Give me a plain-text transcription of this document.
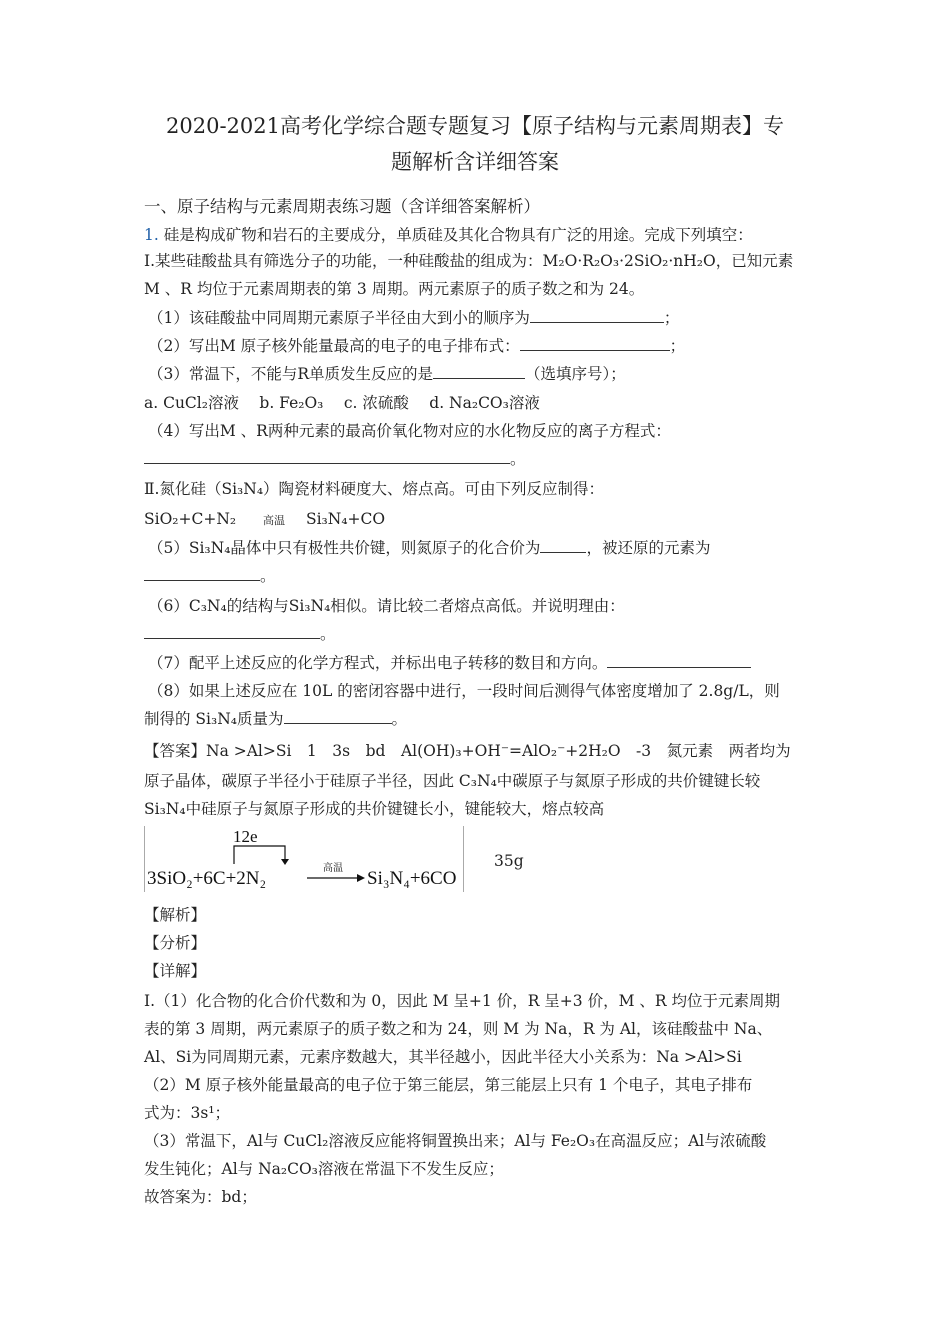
2020-2021高考化学综合题专题复习【原子结构与元素周期表】专
题解析含详细答案
一、原子结构与元素周期表练习题（含详细答案解析）
1. 硅是构成矿物和岩石的主要成分，单质硅及其化合物具有广泛的用途。完成下列填空：
Ⅰ.某些硅酸盐具有筛选分子的功能，一种硅酸盐的组成为：M₂O·R₂O₃·2SiO₂·nH₂O，已知元素
M 、R 均位于元素周期表的第 3 周期。两元素原子的质子数之和为 24。
（1）该硅酸盐中同周期元素原子半径由大到小的顺序为	；
（2）写出M 原子核外能量最高的电子的电子排布式：	；
（3）常温下，不能与R单质发生反应的是	（选填序号）；
a. CuCl₂溶液　 b. Fe₂O₃　 c. 浓硫酸　 d. Na₂CO₃溶液
（4）写出M 、R两种元素的最高价氧化物对应的水化物反应的离子方程式：
。
Ⅱ.氮化硅（Si₃N₄）陶瓷材料硬度大、熔点高。可由下列反应制得：
SiO₂+C+N₂ 高温 Si₃N₄+CO
（5）Si₃N₄晶体中只有极性共价键，则氮原子的化合价为	，被还原的元素为
。
（6）C₃N₄的结构与Si₃N₄相似。请比较二者熔点高低。并说明理由：
。
（7）配平上述反应的化学方程式，并标出电子转移的数目和方向。
（8）如果上述反应在 10L 的密闭容器中进行，一段时间后测得气体密度增加了 2.8g/L，则
制得的 Si₃N₄质量为	。
【答案】Na >Al>Si　1　3s　bd　Al(OH)₃+OH⁻=AlO₂⁻+2H₂O　-3　氮元素　两者均为
原子晶体，碳原子半径小于硅原子半径，因此 C₃N₄中碳原子与氮原子形成的共价键键长较
Si₃N₄中硅原子与氮原子形成的共价键键长小，键能较大，熔点较高
12e
3SiO₂+6C+2N₂	高温 Si₃N₄+6CO
35g
【解析】
【分析】
【详解】
Ⅰ.（1）化合物的化合价代数和为 0，因此 M 呈+1 价，R 呈+3 价，M 、R 均位于元素周期
表的第 3 周期，两元素原子的质子数之和为 24，则 M 为 Na，R 为 Al，该硅酸盐中 Na、
Al、Si为同周期元素，元素序数越大，其半径越小，因此半径大小关系为：Na >Al>Si
（2）M 原子核外能量最高的电子位于第三能层，第三能层上只有 1 个电子，其电子排布
式为：3s¹；
（3）常温下，Al与 CuCl₂溶液反应能将铜置换出来；Al与 Fe₂O₃在高温反应；Al与浓硫酸
发生钝化；Al与 Na₂CO₃溶液在常温下不发生反应；
故答案为：bd；
